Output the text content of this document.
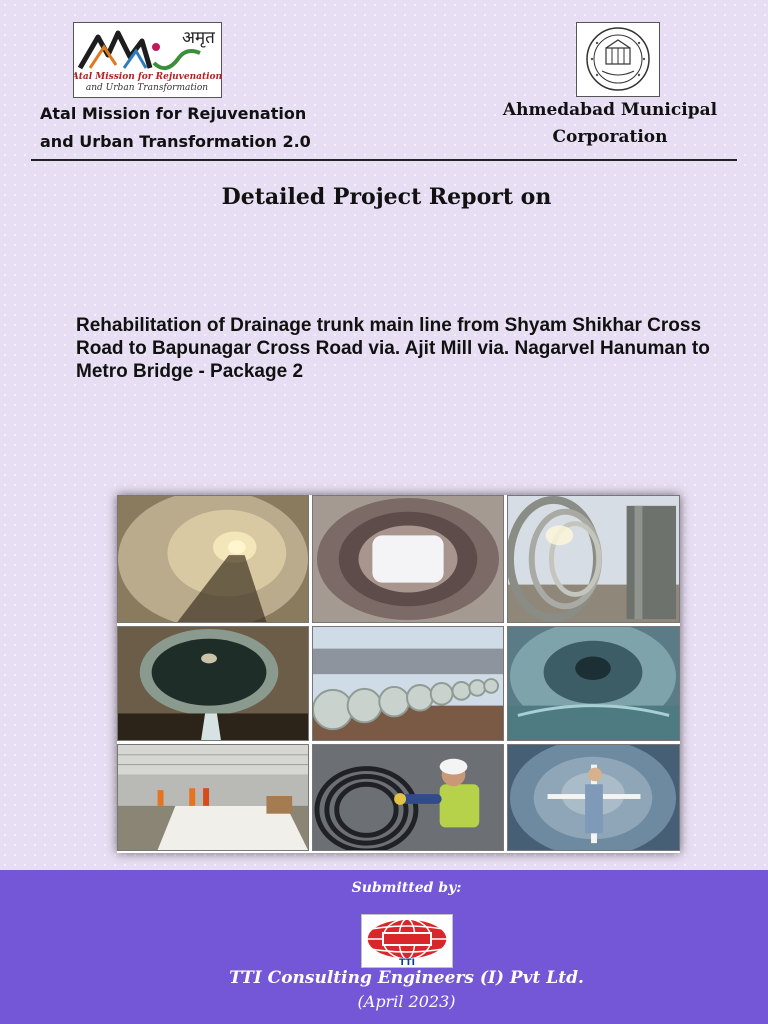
अमृत
Atal Mission for Rejuvenation
and Urban Transformation
Atal Mission for Rejuvenation
and Urban Transformation 2.0
Ahmedabad Municipal
Corporation
Detailed Project Report on
Rehabilitation of Drainage trunk main line from Shyam Shikhar Cross Road to Bapunagar Cross Road via. Ajit Mill via. Nagarvel Hanuman to Metro Bridge - Package 2
Submitted by:
TTI
TTI Consulting Engineers (I) Pvt Ltd.
(April 2023)
